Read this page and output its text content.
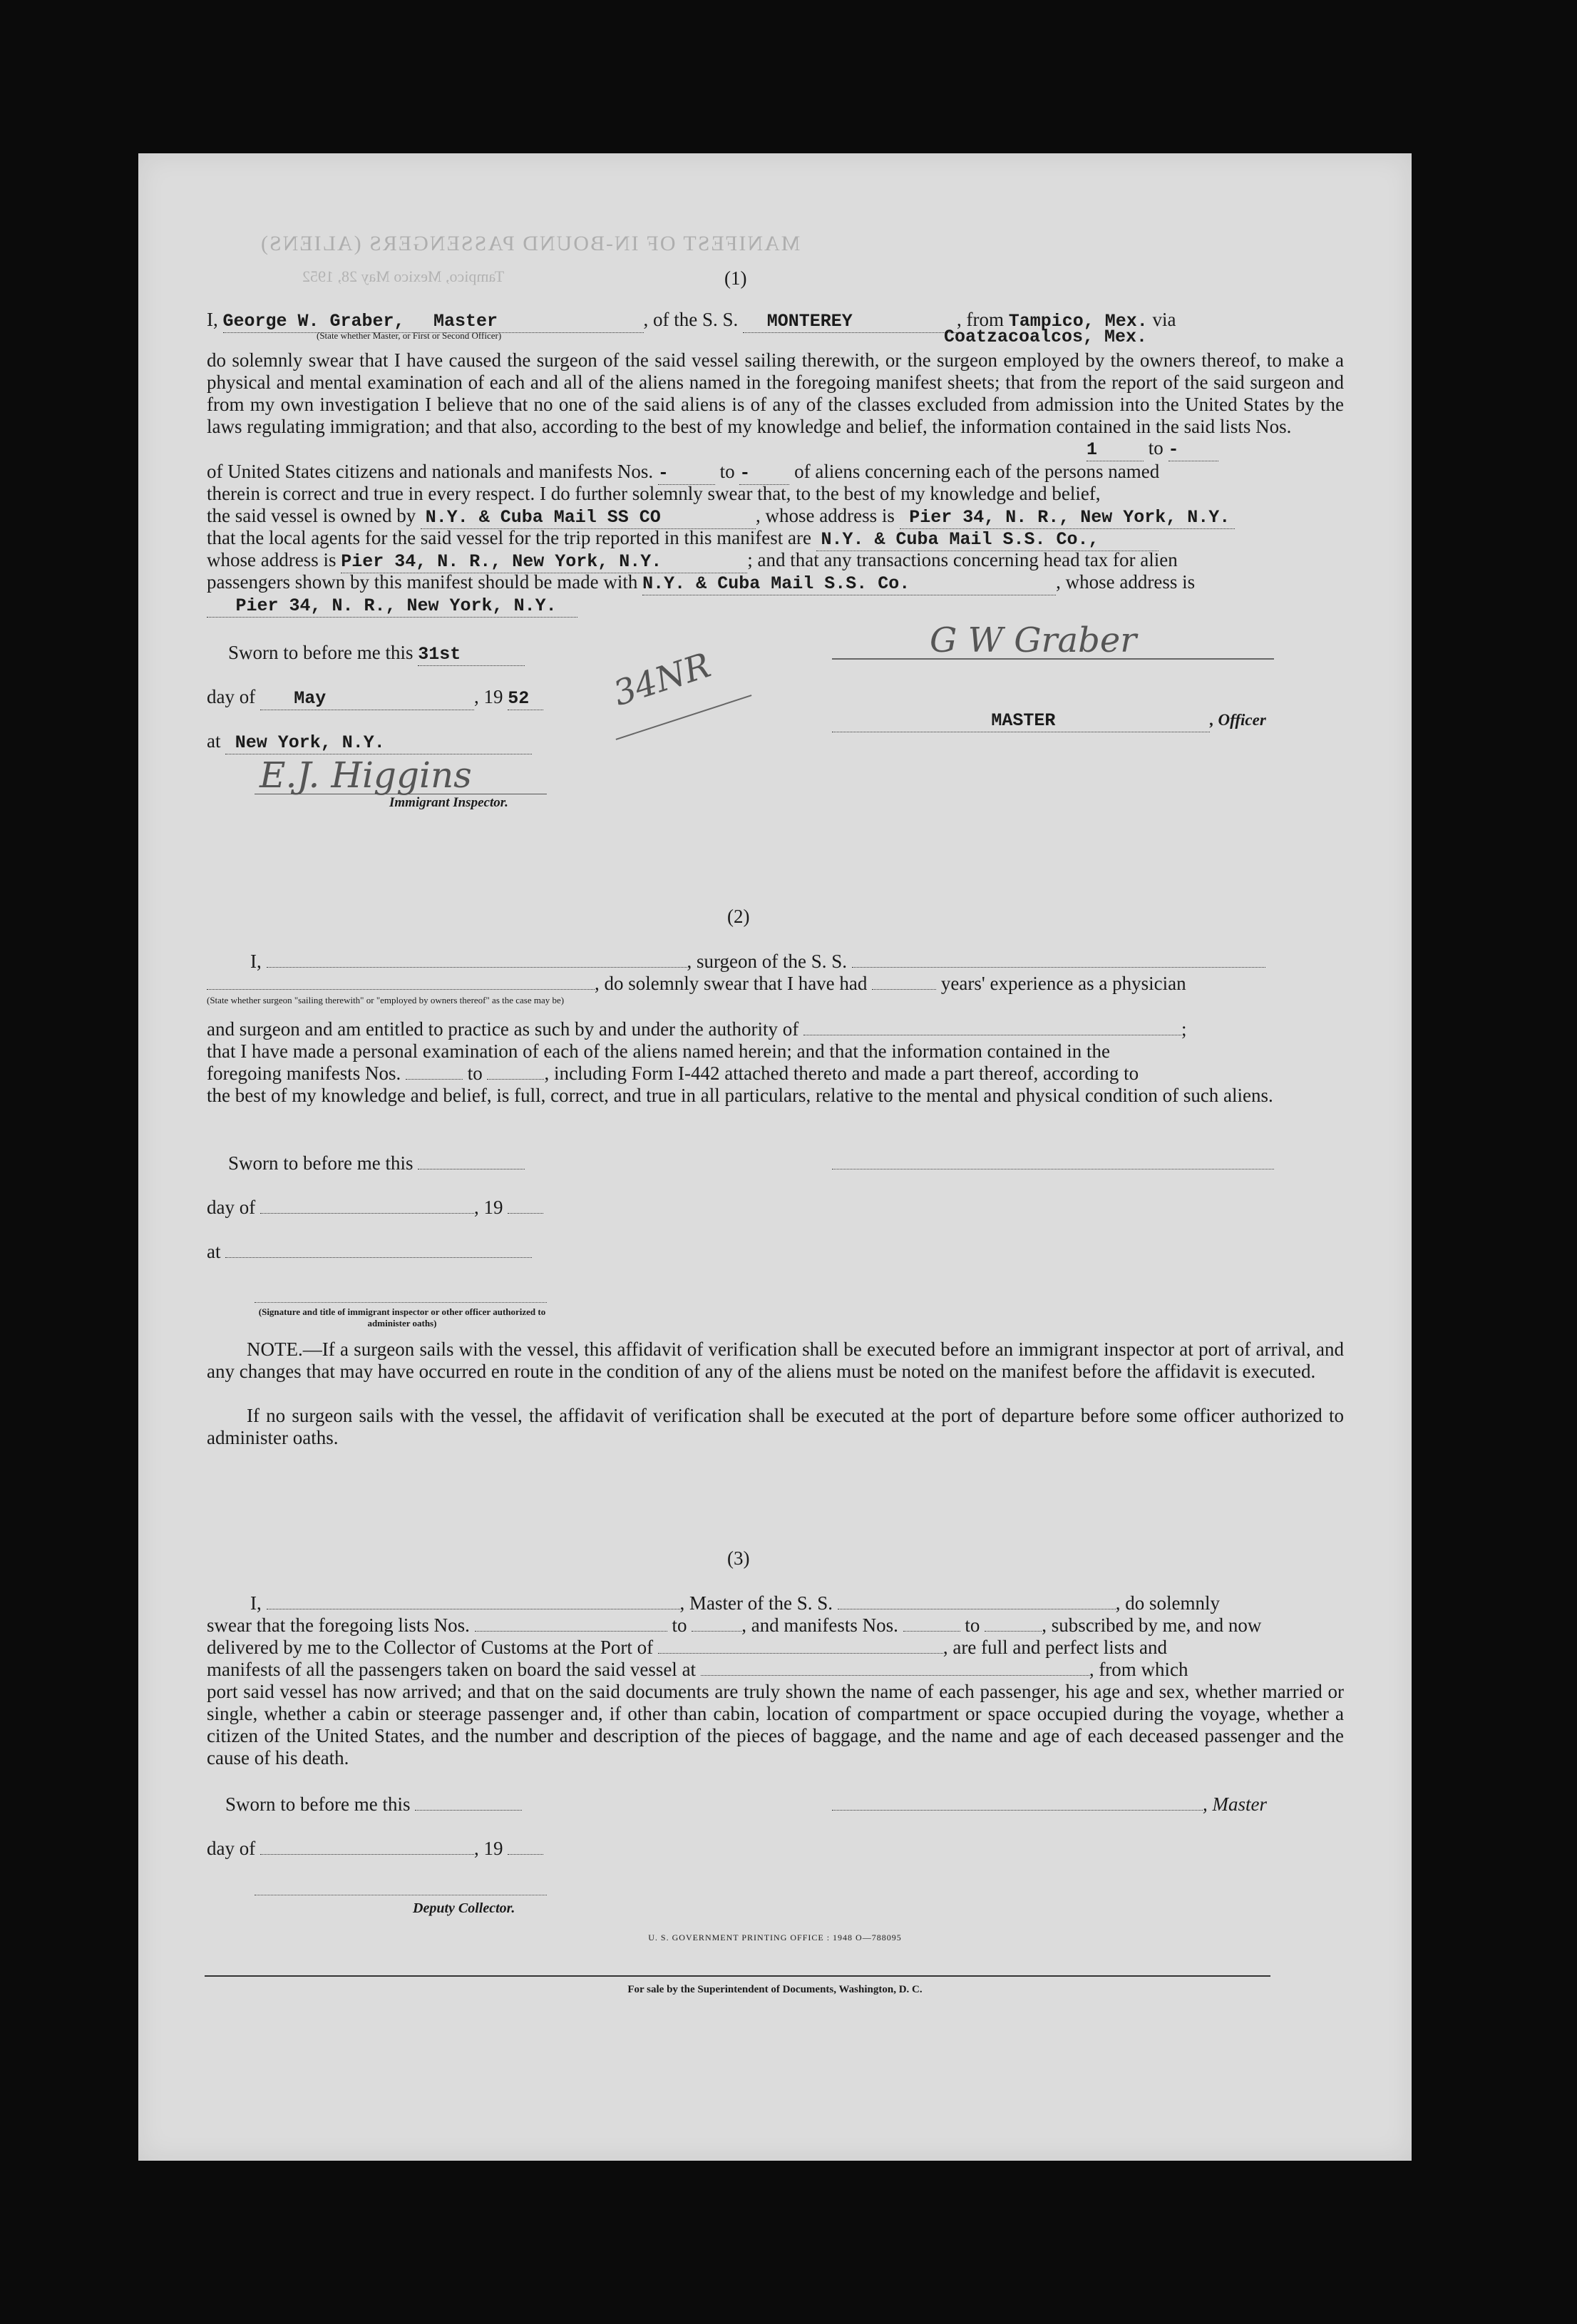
MANIFEST OF IN-BOUND PASSENGERS (ALIENS)
Tampico, Mexico May 28, 1952	(1)
I, George W. Graber, Master	, of the S. S. MONTEREY	, from Tampico, Mex. via
(State whether Master, or First or Second Officer)	Coatzacoalcos, Mex.
do solemnly swear that I have caused the surgeon of the said vessel sailing therewith, or the surgeon employed by the owners thereof, to make a physical and mental examination of each and all of the aliens named in the foregoing manifest sheets; that from the report of the said surgeon and from my own investigation I believe that no one of the said aliens is of any of the classes excluded from admission into the United States by the laws regulating immigration; and that also, according to the best of my knowledge and belief, the information contained in the said lists Nos.
1	to -
of United States citizens and nationals and manifests Nos. -	to - of aliens concerning each of the persons named
therein is correct and true in every respect. I do further solemnly swear that, to the best of my knowledge and belief,
the said vessel is owned by N.Y. & Cuba Mail SS CO	, whose address is Pier 34, N. R., New York, N.Y.
that the local agents for the said vessel for the trip reported in this manifest are N.Y. & Cuba Mail S.S. Co.,
whose address is Pier 34, N. R., New York, N.Y.	; and that any transactions concerning head tax for alien
passengers shown by this manifest should be made with N.Y. & Cuba Mail S.S. Co.	, whose address is
Pier 34, N. R., New York, N.Y.
Sworn to before me this 31st
day of May	, 19 52
at New York, N.Y.
E.J. Higgins
Immigrant Inspector.
34NR
G W Graber
MASTER	, Officer
(2)
I,	, surgeon of the S. S.
, do solemnly swear that I have had	years' experience as a physician
(State whether surgeon "sailing therewith" or "employed by owners thereof" as the case may be)
and surgeon and am entitled to practice as such by and under the authority of	;
that I have made a personal examination of each of the aliens named herein; and that the information contained in the
foregoing manifests Nos.	to	, including Form I-442 attached thereto and made a part thereof, according to
the best of my knowledge and belief, is full, correct, and true in all particulars, relative to the mental and physical condition of such aliens.
Sworn to before me this
day of	, 19
at
(Signature and title of immigrant inspector or other officer authorized to administer oaths)
NOTE.—If a surgeon sails with the vessel, this affidavit of verification shall be executed before an immigrant inspector at port of arrival, and any changes that may have occurred en route in the condition of any of the aliens must be noted on the manifest before the affidavit is executed.
If no surgeon sails with the vessel, the affidavit of verification shall be executed at the port of departure before some officer authorized to administer oaths.
(3)
I,	, Master of the S. S.	, do solemnly
swear that the foregoing lists Nos.	to	, and manifests Nos.	to	, subscribed by me, and now
delivered by me to the Collector of Customs at the Port of	, are full and perfect lists and
manifests of all the passengers taken on board the said vessel at	, from which
port said vessel has now arrived; and that on the said documents are truly shown the name of each passenger, his age and sex, whether married or single, whether a cabin or steerage passenger and, if other than cabin, location of compartment or space occupied during the voyage, whether a citizen of the United States, and the number and description of the pieces of baggage, and the name and age of each deceased passenger and the cause of his death.
Sworn to before me this	, Master
day of	, 19
Deputy Collector.
U. S. GOVERNMENT PRINTING OFFICE : 1948 O—788095
For sale by the Superintendent of Documents, Washington, D. C.
